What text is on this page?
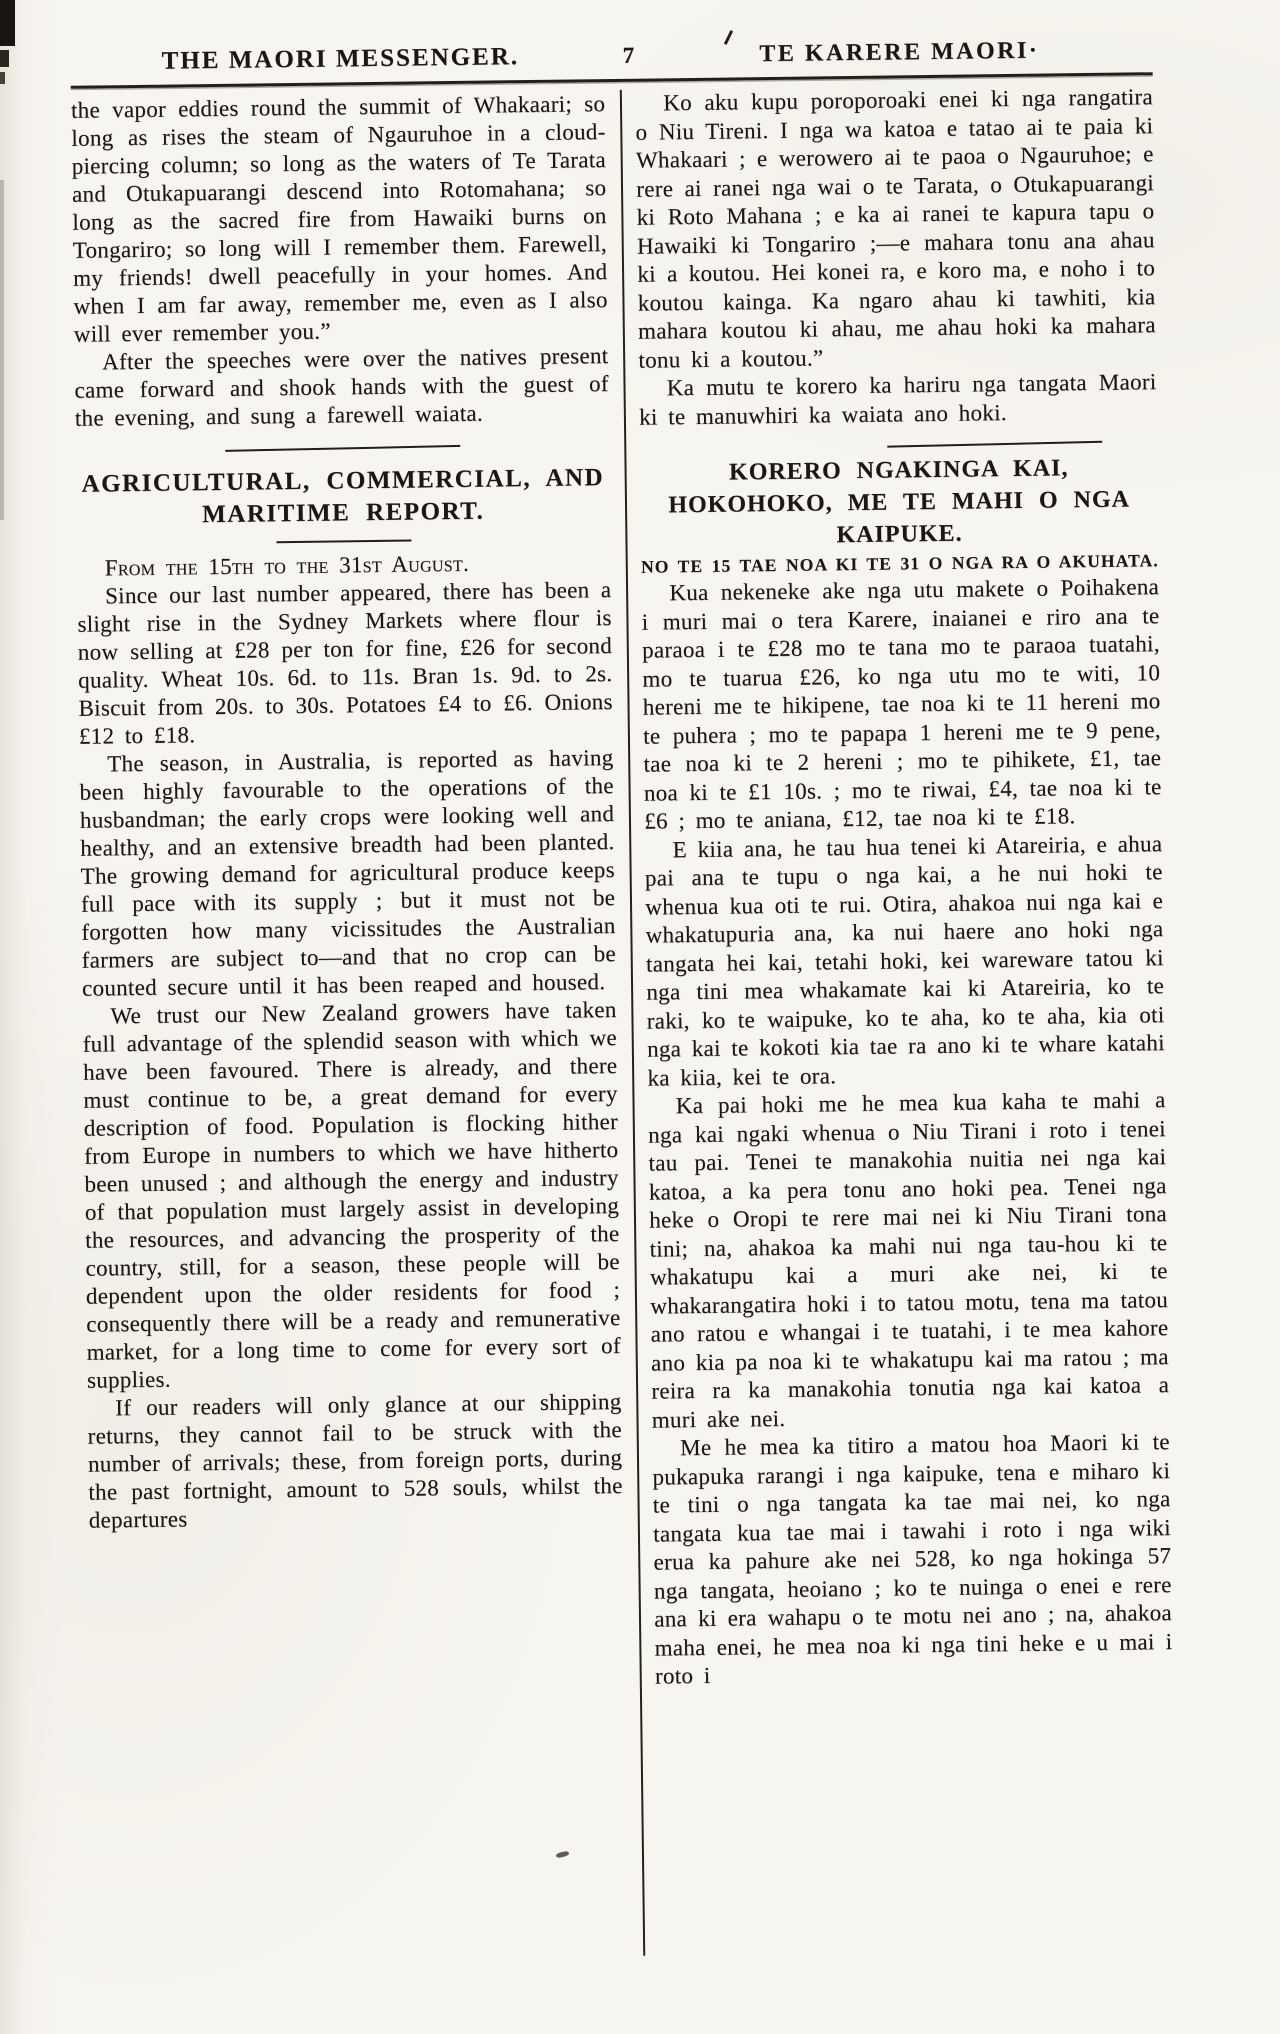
THE MAORI MESSENGER.	7	TE KARERE MAORI·

the vapor eddies round the summit of Whakaari; so long as rises the steam of Ngauruhoe in a cloud-piercing column; so long as the waters of Te Tarata and Otukapuarangi descend into Rotomahana; so long as the sacred fire from Hawaiki burns on Tongariro; so long will I remember them. Farewell, my friends! dwell peacefully in your homes. And when I am far away, remember me, even as I also will ever remember you.”

After the speeches were over the natives present came forward and shook hands with the guest of the evening, and sung a farewell waiata.

AGRICULTURAL, COMMERCIAL, AND MARITIME REPORT.

From the 15th to the 31st August.

Since our last number appeared, there has been a slight rise in the Sydney Markets where flour is now selling at £28 per ton for fine, £26 for second quality. Wheat 10s. 6d. to 11s. Bran 1s. 9d. to 2s. Biscuit from 20s. to 30s. Potatoes £4 to £6. Onions £12 to £18.

The season, in Australia, is reported as having been highly favourable to the operations of the husbandman; the early crops were looking well and healthy, and an extensive breadth had been planted. The growing demand for agricultural produce keeps full pace with its supply ; but it must not be forgotten how many vicissitudes the Australian farmers are subject to—and that no crop can be counted secure until it has been reaped and housed.

We trust our New Zealand growers have taken full advantage of the splendid season with which we have been favoured. There is already, and there must continue to be, a great demand for every description of food. Population is flocking hither from Europe in numbers to which we have hitherto been unused ; and although the energy and industry of that population must largely assist in developing the resources, and advancing the prosperity of the country, still, for a season, these people will be dependent upon the older residents for food ; consequently there will be a ready and remunerative market, for a long time to come for every sort of supplies.

If our readers will only glance at our shipping returns, they cannot fail to be struck with the number of arrivals; these, from foreign ports, during the past fortnight, amount to 528 souls, whilst the departures

Ko aku kupu poroporoaki enei ki nga rangatira o Niu Tireni. I nga wa katoa e tatao ai te paia ki Whakaari ; e werowero ai te paoa o Ngauruhoe; e rere ai ranei nga wai o te Tarata, o Otukapuarangi ki Roto Mahana ; e ka ai ranei te kapura tapu o Hawaiki ki Tongariro ;—e mahara tonu ana ahau ki a koutou. Hei konei ra, e koro ma, e noho i to koutou kainga. Ka ngaro ahau ki tawhiti, kia mahara koutou ki ahau, me ahau hoki ka mahara tonu ki a koutou.”

Ka mutu te korero ka hariru nga tangata Maori ki te manuwhiri ka waiata ano hoki.

KORERO NGAKINGA KAI, HOKOHOKO, ME TE MAHI O NGA KAIPUKE.

NO TE 15 TAE NOA KI TE 31 O NGA RA O AKUHATA.

Kua nekeneke ake nga utu makete o Poihakena i muri mai o tera Karere, inaianei e riro ana te paraoa i te £28 mo te tana mo te paraoa tuatahi, mo te tuarua £26, ko nga utu mo te witi, 10 hereni me te hikipene, tae noa ki te 11 hereni mo te puhera ; mo te papapa 1 hereni me te 9 pene, tae noa ki te 2 hereni ; mo te pihikete, £1, tae noa ki te £1 10s. ; mo te riwai, £4, tae noa ki te £6 ; mo te aniana, £12, tae noa ki te £18.

E kiia ana, he tau hua tenei ki Atareiria, e ahua pai ana te tupu o nga kai, a he nui hoki te whenua kua oti te rui. Otira, ahakoa nui nga kai e whakatupuria ana, ka nui haere ano hoki nga tangata hei kai, tetahi hoki, kei wareware tatou ki nga tini mea whakamate kai ki Atareiria, ko te raki, ko te waipuke, ko te aha, ko te aha, kia oti nga kai te kokoti kia tae ra ano ki te whare katahi ka kiia, kei te ora.

Ka pai hoki me he mea kua kaha te mahi a nga kai ngaki whenua o Niu Tirani i roto i tenei tau pai. Tenei te manakohia nuitia nei nga kai katoa, a ka pera tonu ano hoki pea. Tenei nga heke o Oropi te rere mai nei ki Niu Tirani tona tini; na, ahakoa ka mahi nui nga tau-hou ki te whakatupu kai a muri ake nei, ki te whakarangatira hoki i to tatou motu, tena ma tatou ano ratou e whangai i te tuatahi, i te mea kahore ano kia pa noa ki te whakatupu kai ma ratou ; ma reira ra ka manakohia tonutia nga kai katoa a muri ake nei.

Me he mea ka titiro a matou hoa Maori ki te pukapuka rarangi i nga kaipuke, tena e miharo ki te tini o nga tangata ka tae mai nei, ko nga tangata kua tae mai i tawahi i roto i nga wiki erua ka pahure ake nei 528, ko nga hokinga 57 nga tangata, heoiano ; ko te nuinga o enei e rere ana ki era wahapu o te motu nei ano ; na, ahakoa maha enei, he mea noa ki nga tini heke e u mai i roto i
